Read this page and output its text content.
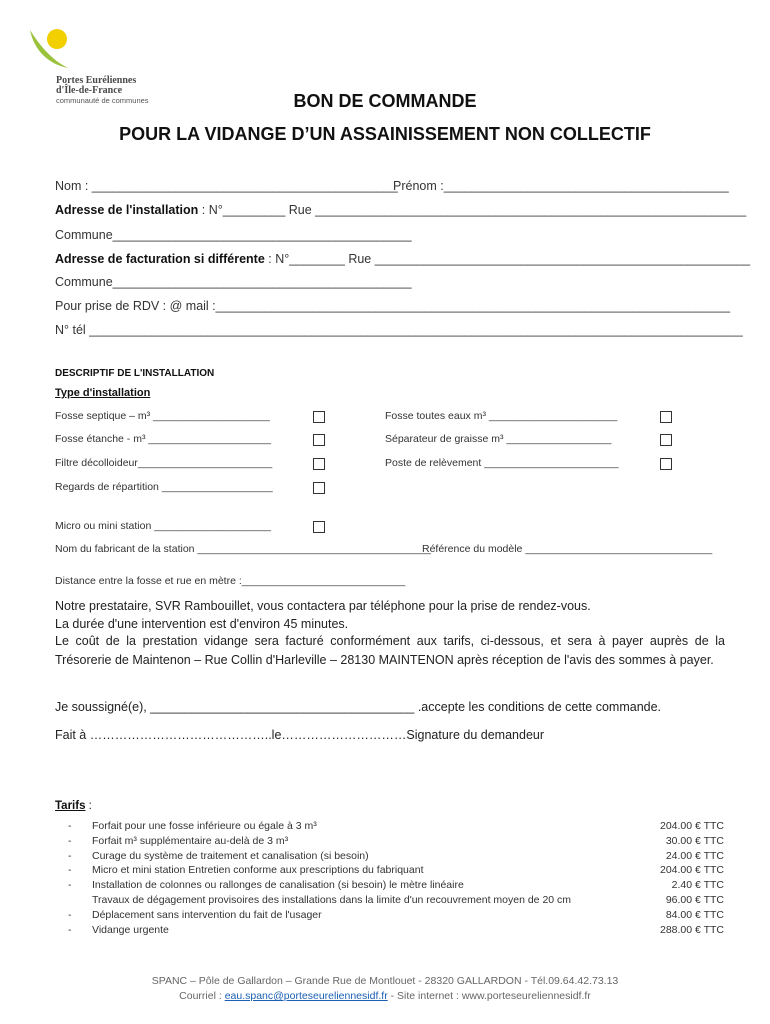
Portes Euréliennes
d'Île-de-France
communauté de communes	BON DE COMMANDE
POUR LA VIDANGE D’UN ASSAINISSEMENT NON COLLECTIF
Nom : ____________________________________________
Prénom :_________________________________________
Adresse de l'installation : N°_________ Rue ______________________________________________________________
Commune___________________________________________
Adresse de facturation si différente : N°________ Rue ______________________________________________________
Commune___________________________________________
Pour prise de RDV : @ mail :__________________________________________________________________________
N° tél ______________________________________________________________________________________________
DESCRIPTIF DE L'INSTALLATION
Type d'installation
Fosse septique – m³ ____________________	Fosse toutes eaux m³ ______________________
Fosse étanche - m³ _____________________	Séparateur de graisse m³ __________________
Filtre décolloideur_______________________	Poste de relèvement _______________________
Regards de répartition ___________________
Micro ou mini station ____________________
Nom du fabricant de la station ________________________________________
Référence du modèle ________________________________
Distance entre la fosse et rue en mètre :____________________________
Notre prestataire, SVR Rambouillet, vous contactera par téléphone pour la prise de rendez-vous.
La durée d'une intervention est d'environ 45 minutes.
Le coût de la prestation vidange sera facturé conformément aux tarifs, ci-dessous, et sera à payer auprès de la Trésorerie de Maintenon – Rue Collin d'Harleville – 28130 MAINTENON après réception de l'avis des sommes à payer.
Je soussigné(e), ______________________________________ .accepte les conditions de cette commande.
Fait à ……………………………………..le…………………………Signature du demandeur
Tarifs :
- Forfait pour une fosse inférieure ou égale à 3 m³	204.00 € TTC
- Forfait m³ supplémentaire au-delà de 3 m³	30.00 € TTC
- Curage du système de traitement et canalisation (si besoin)	24.00 € TTC
- Micro et mini station Entretien conforme aux prescriptions du fabriquant	204.00 € TTC
- Installation de colonnes ou rallonges de canalisation (si besoin) le mètre linéaire	2.40 € TTC
Travaux de dégagement provisoires des installations dans la limite d'un recouvrement moyen de 20 cm	96.00 € TTC
- Déplacement sans intervention du fait de l'usager	84.00 € TTC
- Vidange urgente	288.00 € TTC
SPANC – Pôle de Gallardon – Grande Rue de Montlouet - 28320 GALLARDON - Tél.09.64.42.73.13
Courriel : eau.spanc@porteseureliennesidf.fr - Site internet : www.porteseureliennesidf.fr
